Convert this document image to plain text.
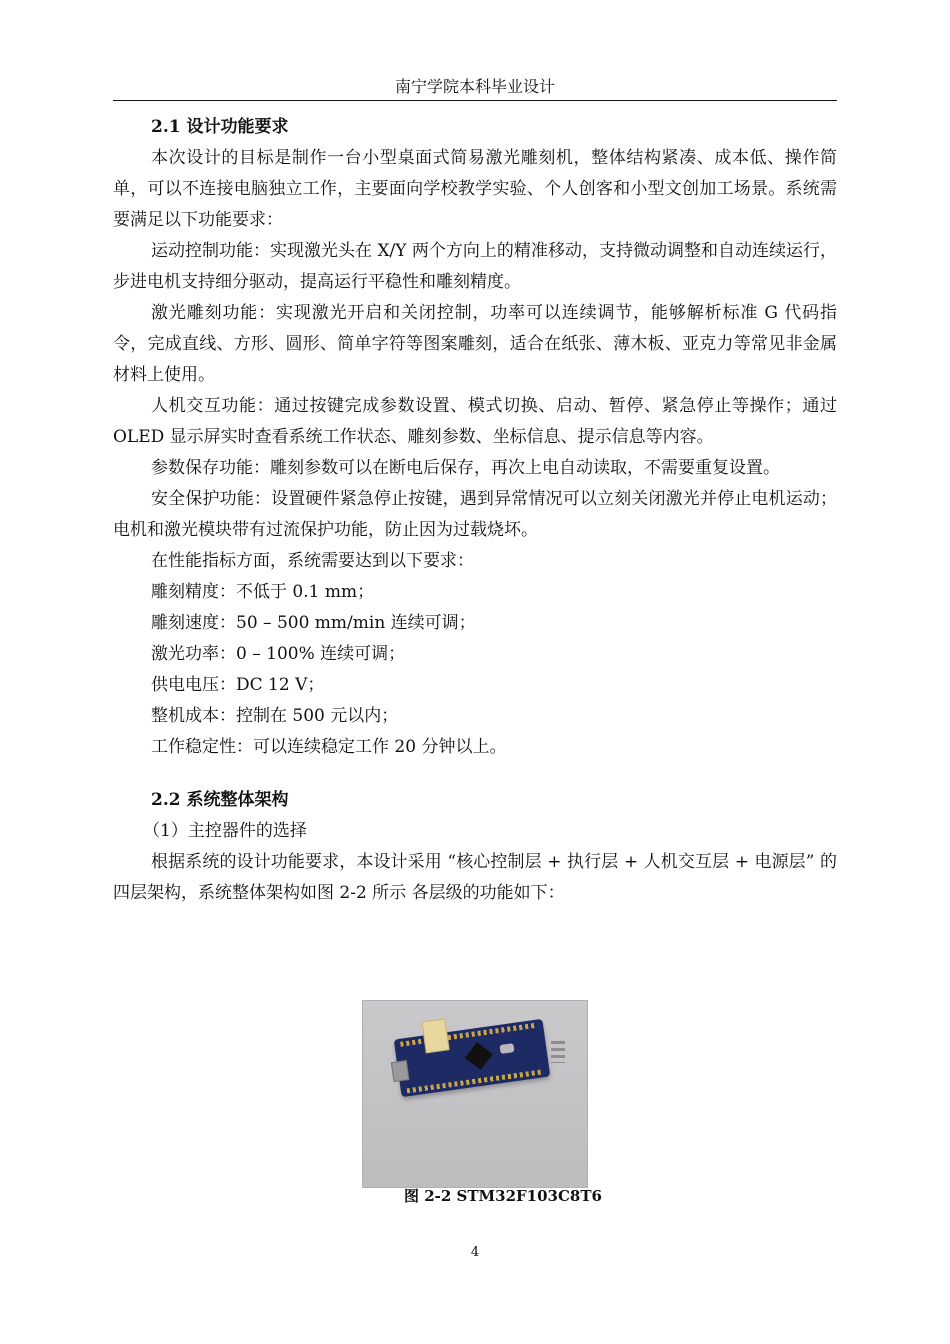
南宁学院本科毕业设计
2.1 设计功能要求
本次设计的目标是制作一台小型桌面式简易激光雕刻机，整体结构紧凑、成本低、操作简单，可以不连接电脑独立工作，主要面向学校教学实验、个人创客和小型文创加工场景。系统需要满足以下功能要求：
运动控制功能：实现激光头在 X/Y 两个方向上的精准移动，支持微动调整和自动连续运行，步进电机支持细分驱动，提高运行平稳性和雕刻精度。
激光雕刻功能：实现激光开启和关闭控制，功率可以连续调节，能够解析标准 G 代码指令，完成直线、方形、圆形、简单字符等图案雕刻，适合在纸张、薄木板、亚克力等常见非金属材料上使用。
人机交互功能：通过按键完成参数设置、模式切换、启动、暂停、紧急停止等操作；通过 OLED 显示屏实时查看系统工作状态、雕刻参数、坐标信息、提示信息等内容。
参数保存功能：雕刻参数可以在断电后保存，再次上电自动读取，不需要重复设置。
安全保护功能：设置硬件紧急停止按键，遇到异常情况可以立刻关闭激光并停止电机运动；电机和激光模块带有过流保护功能，防止因为过载烧坏。
在性能指标方面，系统需要达到以下要求：
雕刻精度：不低于 0.1 mm；
雕刻速度：50 – 500 mm/min 连续可调；
激光功率：0 – 100% 连续可调；
供电电压：DC 12 V；
整机成本：控制在 500 元以内；
工作稳定性：可以连续稳定工作 20 分钟以上。
2.2 系统整体架构
（1）主控器件的选择
根据系统的设计功能要求，本设计采用 “核心控制层 + 执行层 + 人机交互层 + 电源层” 的四层架构，系统整体架构如图 2-2 所示 各层级的功能如下：
图 2-2 STM32F103C8T6
4
